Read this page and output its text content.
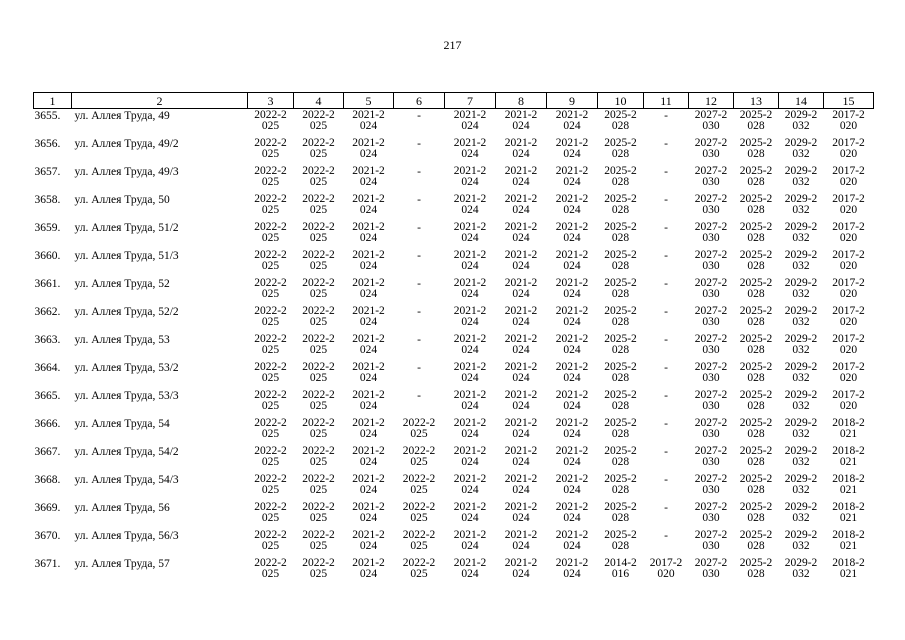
217
1	2	3	4	5	6	7	8	9	10	11	12	13	14	15
3655.	ул. Аллея Труда, 49	2022-2025	2022-2025	2021-2024	-	2021-2024	2021-2024	2021-2024	2025-2028	-	2027-2030	2025-2028	2029-2032	2017-2020
3656.	ул. Аллея Труда, 49/2	2022-2025	2022-2025	2021-2024	-	2021-2024	2021-2024	2021-2024	2025-2028	-	2027-2030	2025-2028	2029-2032	2017-2020
3657.	ул. Аллея Труда, 49/3	2022-2025	2022-2025	2021-2024	-	2021-2024	2021-2024	2021-2024	2025-2028	-	2027-2030	2025-2028	2029-2032	2017-2020
3658.	ул. Аллея Труда, 50	2022-2025	2022-2025	2021-2024	-	2021-2024	2021-2024	2021-2024	2025-2028	-	2027-2030	2025-2028	2029-2032	2017-2020
3659.	ул. Аллея Труда, 51/2	2022-2025	2022-2025	2021-2024	-	2021-2024	2021-2024	2021-2024	2025-2028	-	2027-2030	2025-2028	2029-2032	2017-2020
3660.	ул. Аллея Труда, 51/3	2022-2025	2022-2025	2021-2024	-	2021-2024	2021-2024	2021-2024	2025-2028	-	2027-2030	2025-2028	2029-2032	2017-2020
3661.	ул. Аллея Труда, 52	2022-2025	2022-2025	2021-2024	-	2021-2024	2021-2024	2021-2024	2025-2028	-	2027-2030	2025-2028	2029-2032	2017-2020
3662.	ул. Аллея Труда, 52/2	2022-2025	2022-2025	2021-2024	-	2021-2024	2021-2024	2021-2024	2025-2028	-	2027-2030	2025-2028	2029-2032	2017-2020
3663.	ул. Аллея Труда, 53	2022-2025	2022-2025	2021-2024	-	2021-2024	2021-2024	2021-2024	2025-2028	-	2027-2030	2025-2028	2029-2032	2017-2020
3664.	ул. Аллея Труда, 53/2	2022-2025	2022-2025	2021-2024	-	2021-2024	2021-2024	2021-2024	2025-2028	-	2027-2030	2025-2028	2029-2032	2017-2020
3665.	ул. Аллея Труда, 53/3	2022-2025	2022-2025	2021-2024	-	2021-2024	2021-2024	2021-2024	2025-2028	-	2027-2030	2025-2028	2029-2032	2017-2020
3666.	ул. Аллея Труда, 54	2022-2025	2022-2025	2021-2024	2022-2025	2021-2024	2021-2024	2021-2024	2025-2028	-	2027-2030	2025-2028	2029-2032	2018-2021
3667.	ул. Аллея Труда, 54/2	2022-2025	2022-2025	2021-2024	2022-2025	2021-2024	2021-2024	2021-2024	2025-2028	-	2027-2030	2025-2028	2029-2032	2018-2021
3668.	ул. Аллея Труда, 54/3	2022-2025	2022-2025	2021-2024	2022-2025	2021-2024	2021-2024	2021-2024	2025-2028	-	2027-2030	2025-2028	2029-2032	2018-2021
3669.	ул. Аллея Труда, 56	2022-2025	2022-2025	2021-2024	2022-2025	2021-2024	2021-2024	2021-2024	2025-2028	-	2027-2030	2025-2028	2029-2032	2018-2021
3670.	ул. Аллея Труда, 56/3	2022-2025	2022-2025	2021-2024	2022-2025	2021-2024	2021-2024	2021-2024	2025-2028	-	2027-2030	2025-2028	2029-2032	2018-2021
3671.	ул. Аллея Труда, 57	2022-2025	2022-2025	2021-2024	2022-2025	2021-2024	2021-2024	2021-2024	2014-2016	2017-2020	2027-2030	2025-2028	2029-2032	2018-2021
